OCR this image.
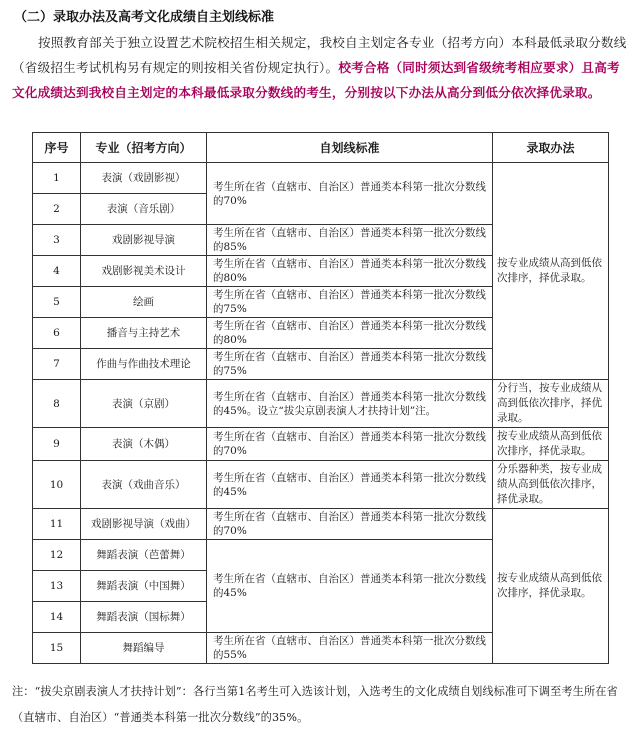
（二）录取办法及高考文化成绩自主划线标准
按照教育部关于独立设置艺术院校招生相关规定，我校自主划定各专业（招考方向）本科最低录取分数线（省级招生考试机构另有规定的则按相关省份规定执行）。校考合格（同时须达到省级统考相应要求）且高考文化成绩达到我校自主划定的本科最低录取分数线的考生，分别按以下办法从高分到低分依次择优录取。
序号	专业（招考方向）	自划线标准	录取办法
1	表演（戏剧影视）	考生所在省（直辖市、自治区）普通类本科第一批次分数线的70%	按专业成绩从高到低依次排序，择优录取。
2	表演（音乐剧）		
3	戏剧影视导演	考生所在省（直辖市、自治区）普通类本科第一批次分数线的85%	
4	戏剧影视美术设计	考生所在省（直辖市、自治区）普通类本科第一批次分数线的80%	
5	绘画	考生所在省（直辖市、自治区）普通类本科第一批次分数线的75%	
6	播音与主持艺术	考生所在省（直辖市、自治区）普通类本科第一批次分数线的80%	
7	作曲与作曲技术理论	考生所在省（直辖市、自治区）普通类本科第一批次分数线的75%	
8	表演（京剧）	考生所在省（直辖市、自治区）普通类本科第一批次分数线的45%。设立“拔尖京剧表演人才扶持计划”注。	分行当，按专业成绩从高到低依次排序，择优录取。
9	表演（木偶）	考生所在省（直辖市、自治区）普通类本科第一批次分数线的70%	按专业成绩从高到低依次排序，择优录取。
10	表演（戏曲音乐）	考生所在省（直辖市、自治区）普通类本科第一批次分数线的45%	分乐器种类，按专业成绩从高到低依次排序，择优录取。
11	戏剧影视导演（戏曲）	考生所在省（直辖市、自治区）普通类本科第一批次分数线的70%	按专业成绩从高到低依次排序，择优录取。
12	舞蹈表演（芭蕾舞）	考生所在省（直辖市、自治区）普通类本科第一批次分数线的45%	
13	舞蹈表演（中国舞）		
14	舞蹈表演（国标舞）		
15	舞蹈编导	考生所在省（直辖市、自治区）普通类本科第一批次分数线的55%	
注：“拔尖京剧表演人才扶持计划”：各行当第1名考生可入选该计划，入选考生的文化成绩自划线标准可下调至考生所在省（直辖市、自治区）“普通类本科第一批次分数线”的35%。
